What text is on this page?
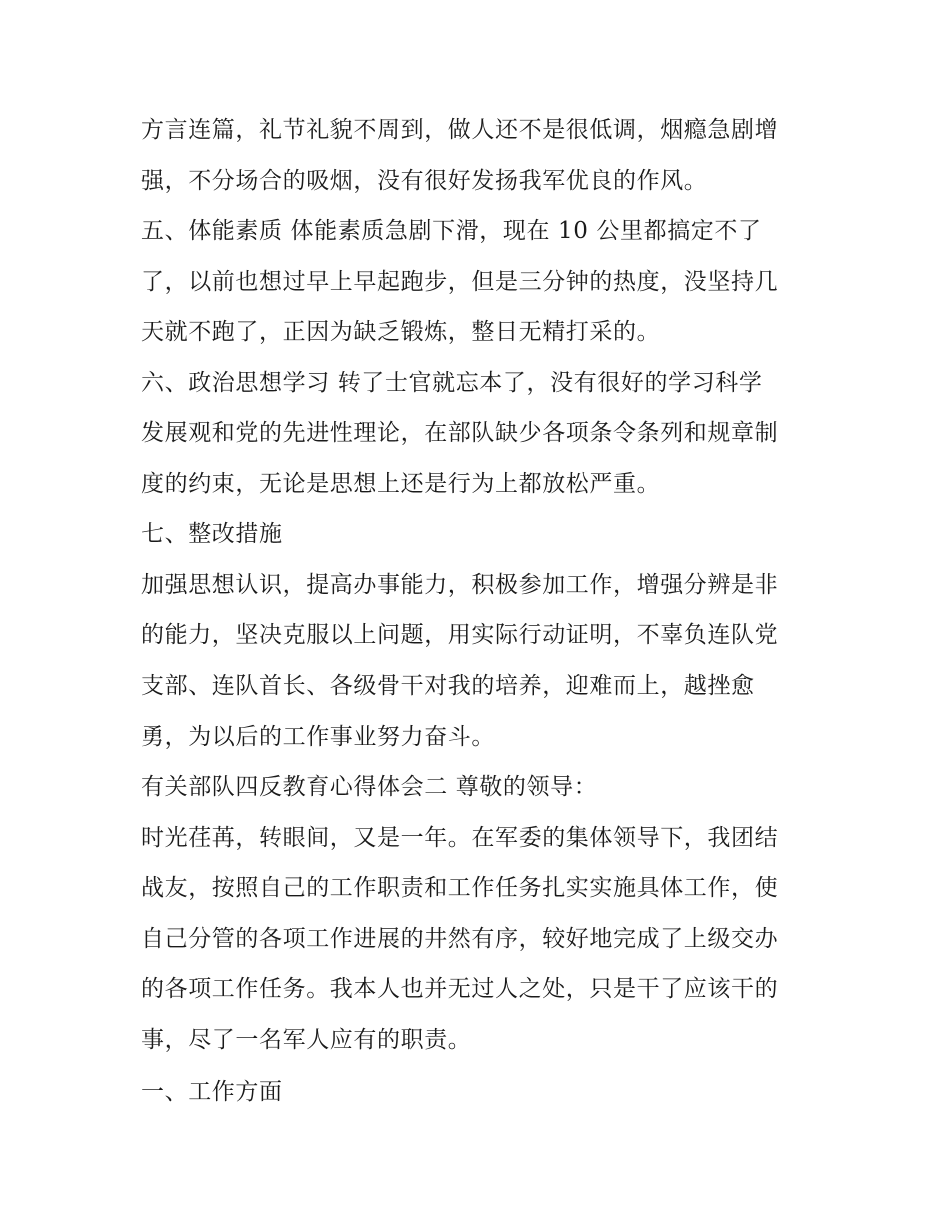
方言连篇，礼节礼貌不周到，做人还不是很低调，烟瘾急剧增
强，不分场合的吸烟，没有很好发扬我军优良的作风。
五、体能素质 体能素质急剧下滑，现在 10 公里都搞定不了
了，以前也想过早上早起跑步，但是三分钟的热度，没坚持几
天就不跑了，正因为缺乏锻炼，整日无精打采的。
六、政治思想学习 转了士官就忘本了，没有很好的学习科学
发展观和党的先进性理论，在部队缺少各项条令条列和规章制
度的约束，无论是思想上还是行为上都放松严重。
七、整改措施
加强思想认识，提高办事能力，积极参加工作，增强分辨是非
的能力，坚决克服以上问题，用实际行动证明，不辜负连队党
支部、连队首长、各级骨干对我的培养，迎难而上，越挫愈
勇，为以后的工作事业努力奋斗。
有关部队四反教育心得体会二 尊敬的领导：
时光荏苒，转眼间，又是一年。在军委的集体领导下，我团结
战友，按照自己的工作职责和工作任务扎实实施具体工作，使
自己分管的各项工作进展的井然有序，较好地完成了上级交办
的各项工作任务。我本人也并无过人之处，只是干了应该干的
事，尽了一名军人应有的职责。
一、工作方面
